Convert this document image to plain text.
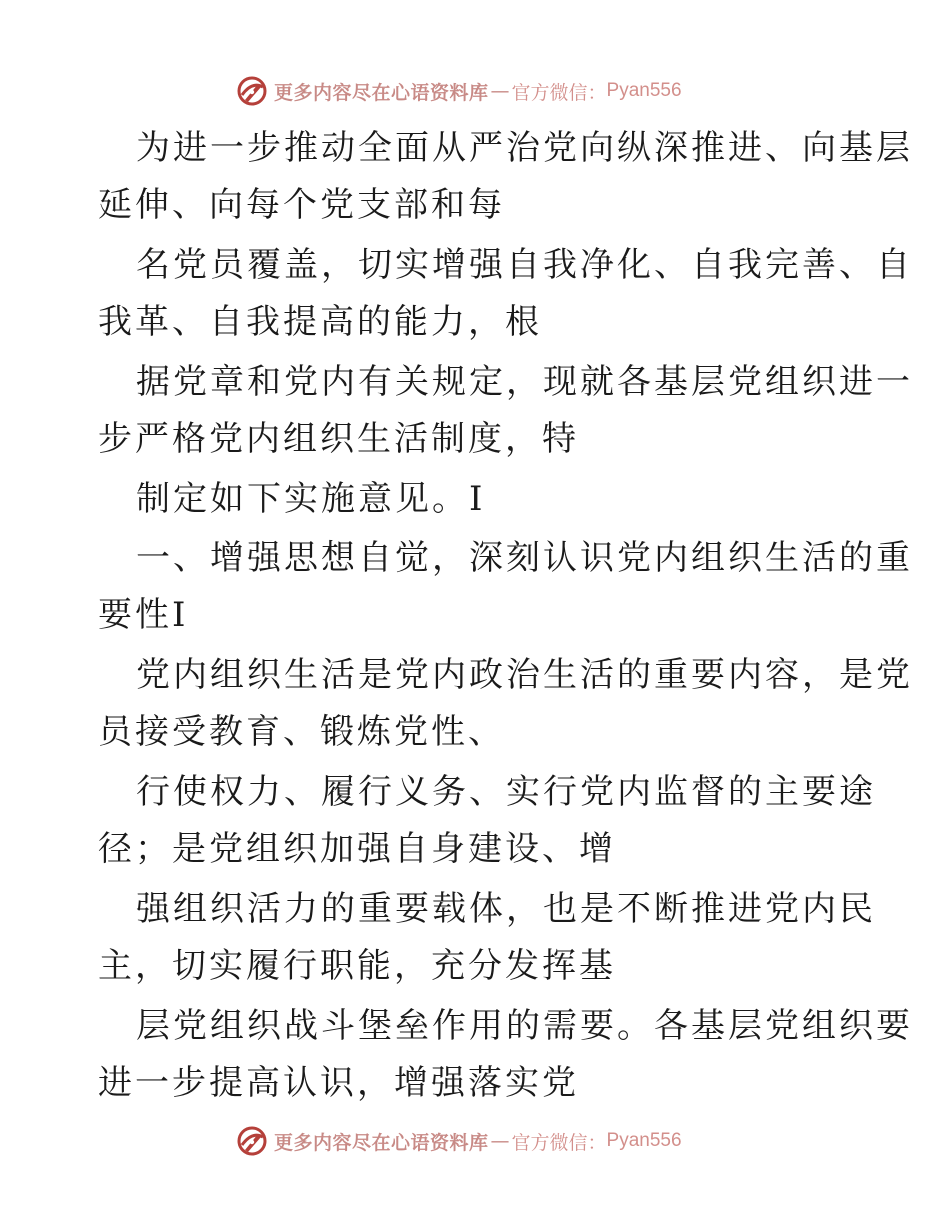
更多内容尽在心语资料库 — 官方微信： Pyan556
为进一步推动全面从严治党向纵深推进、向基层
延伸、向每个党支部和每
名党员覆盖，切实增强自我净化、自我完善、自
我革、自我提高的能力，根
据党章和党内有关规定，现就各基层党组织进一
步严格党内组织生活制度，特
制定如下实施意见。I
一、增强思想自觉，深刻认识党内组织生活的重
要性I
党内组织生活是党内政治生活的重要内容，是党
员接受教育、锻炼党性、
行使权力、履行义务、实行党内监督的主要途
径；是党组织加强自身建设、增
强组织活力的重要载体，也是不断推进党内民
主，切实履行职能，充分发挥基
层党组织战斗堡垒作用的需要。各基层党组织要
进一步提高认识，增强落实党
更多内容尽在心语资料库 — 官方微信： Pyan556
